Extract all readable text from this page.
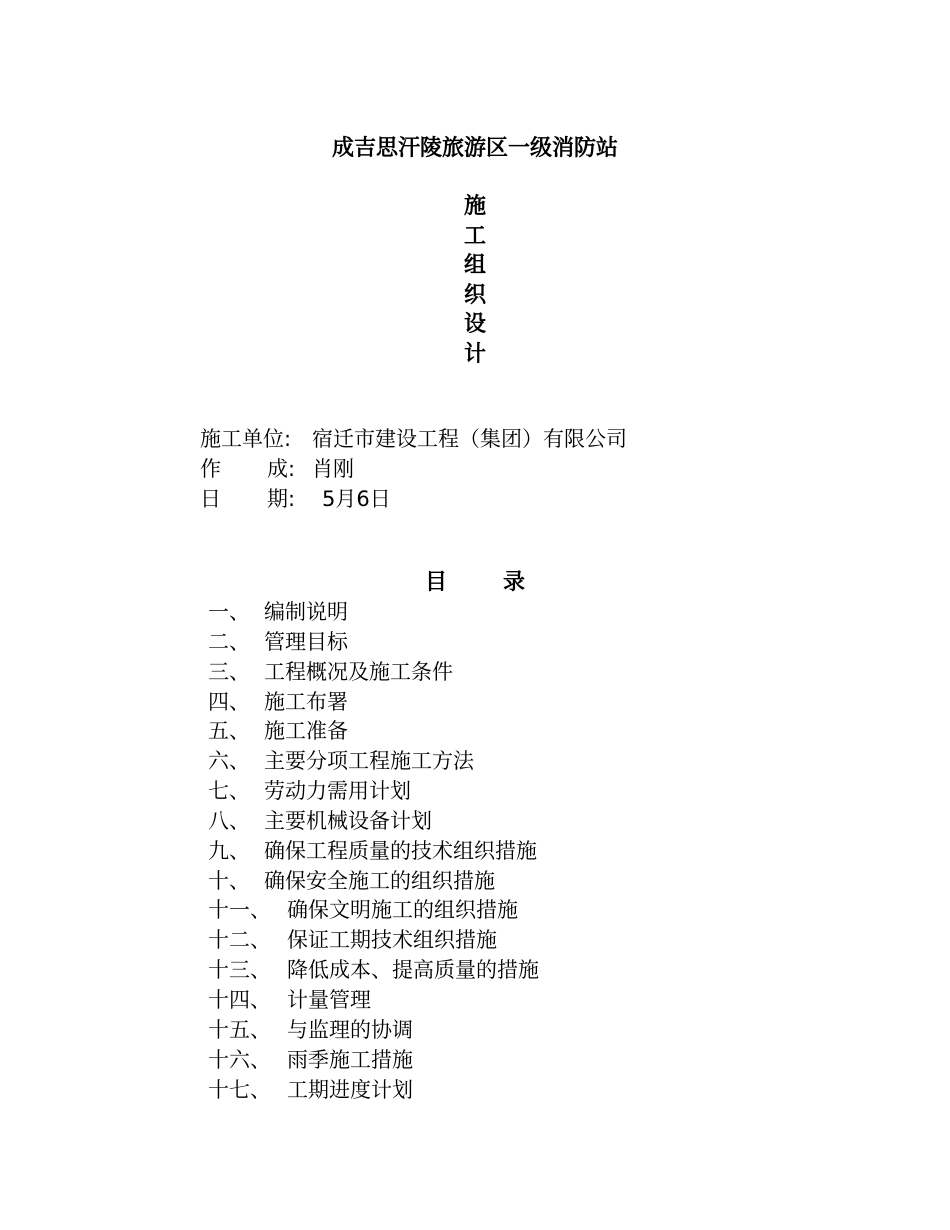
成吉思汗陵旅游区一级消防站
施
工
组
织
设
计
施工单位: 宿迁市建设工程（集团）有限公司
作 成: 肖刚
日 期: 5月6日
目	录
一、 编制说明
二、 管理目标
三、 工程概况及施工条件
四、 施工布署
五、 施工准备
六、 主要分项工程施工方法
七、 劳动力需用计划
八、 主要机械设备计划
九、 确保工程质量的技术组织措施
十、 确保安全施工的组织措施
十一、 确保文明施工的组织措施
十二、 保证工期技术组织措施
十三、 降低成本、提高质量的措施
十四、 计量管理
十五、 与监理的协调
十六、 雨季施工措施
十七、 工期进度计划
